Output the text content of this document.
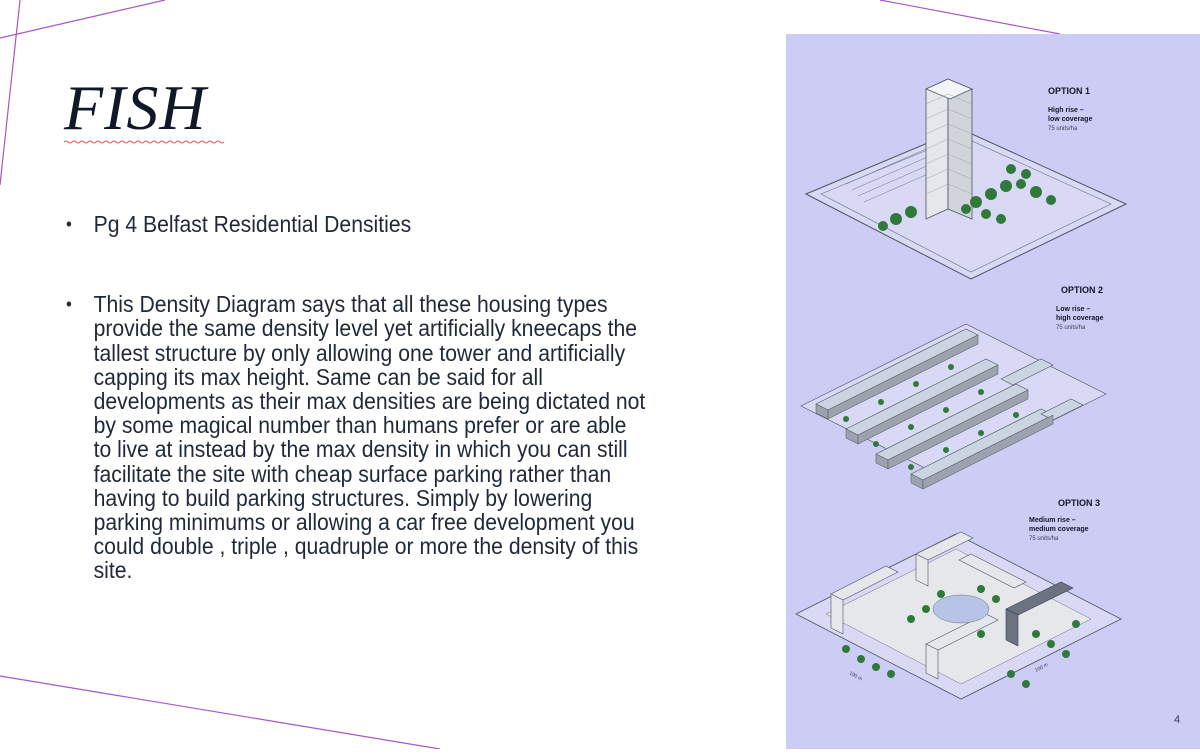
FISH
• Pg 4 Belfast Residential Densities
• This Density Diagram says that all these housing types provide the same density level yet artificially kneecaps the tallest structure by only allowing one tower and artificially capping its max height. Same can be said for all developments as their max densities are being dictated not by some magical number than humans prefer or are able to live at instead by the max density in which you can still facilitate the site with cheap surface parking rather than having to build parking structures. Simply by lowering parking minimums or allowing a car free development you could double , triple , quadruple or more the density of this site.
OPTION 1
High rise –
low coverage
75 units/ha
OPTION 2
Low rise –
high coverage
75 units/ha
100 m
100 m
OPTION 3
Medium rise –
medium coverage
75 units/ha
4
